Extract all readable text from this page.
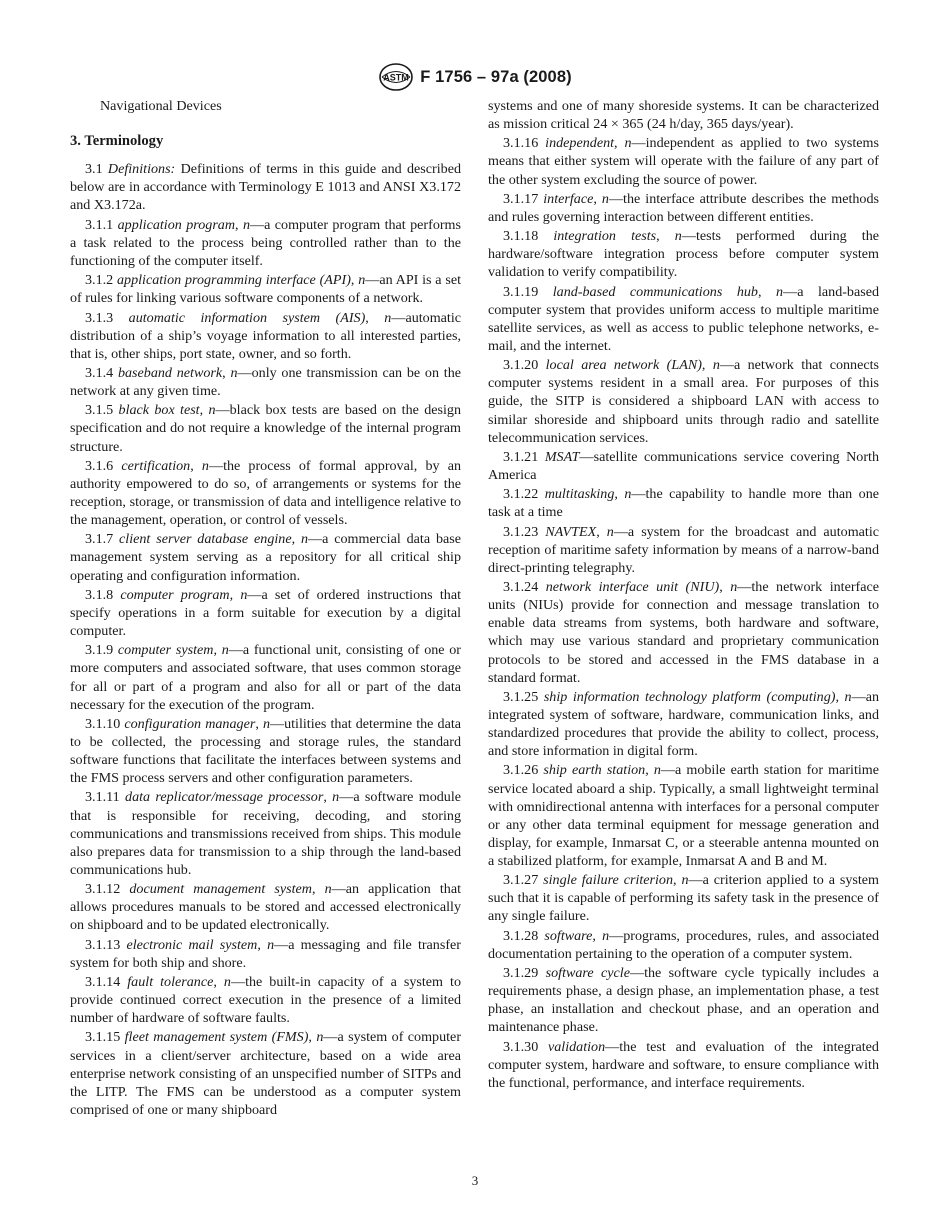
ASTM F 1756 – 97a (2008)

Navigational Devices

3. Terminology

3.1 Definitions: Definitions of terms in this guide and described below are in accordance with Terminology E 1013 and ANSI X3.172 and X3.172a.

3.1.1 application program, n—a computer program that performs a task related to the process being controlled rather than to the functioning of the computer itself.

3.1.2 application programming interface (API), n—an API is a set of rules for linking various software components of a network.

3.1.3 automatic information system (AIS), n—automatic distribution of a ship’s voyage information to all interested parties, that is, other ships, port state, owner, and so forth.

3.1.4 baseband network, n—only one transmission can be on the network at any given time.

3.1.5 black box test, n—black box tests are based on the design specification and do not require a knowledge of the internal program structure.

3.1.6 certification, n—the process of formal approval, by an authority empowered to do so, of arrangements or systems for the reception, storage, or transmission of data and intelligence relative to the management, operation, or control of vessels.

3.1.7 client server database engine, n—a commercial data base management system serving as a repository for all critical ship operating and configuration information.

3.1.8 computer program, n—a set of ordered instructions that specify operations in a form suitable for execution by a digital computer.

3.1.9 computer system, n—a functional unit, consisting of one or more computers and associated software, that uses common storage for all or part of a program and also for all or part of the data necessary for the execution of the program.

3.1.10 configuration manager, n—utilities that determine the data to be collected, the processing and storage rules, the standard software functions that facilitate the interfaces between systems and the FMS process servers and other configuration parameters.

3.1.11 data replicator/message processor, n—a software module that is responsible for receiving, decoding, and storing communications and transmissions received from ships. This module also prepares data for transmission to a ship through the land-based communications hub.

3.1.12 document management system, n—an application that allows procedures manuals to be stored and accessed electronically on shipboard and to be updated electronically.

3.1.13 electronic mail system, n—a messaging and file transfer system for both ship and shore.

3.1.14 fault tolerance, n—the built-in capacity of a system to provide continued correct execution in the presence of a limited number of hardware of software faults.

3.1.15 fleet management system (FMS), n—a system of computer services in a client/server architecture, based on a wide area enterprise network consisting of an unspecified number of SITPs and the LITP. The FMS can be understood as a computer system comprised of one or many shipboard

systems and one of many shoreside systems. It can be characterized as mission critical 24 × 365 (24 h/day, 365 days/year).

3.1.16 independent, n—independent as applied to two systems means that either system will operate with the failure of any part of the other system excluding the source of power.

3.1.17 interface, n—the interface attribute describes the methods and rules governing interaction between different entities.

3.1.18 integration tests, n—tests performed during the hardware/software integration process before computer system validation to verify compatibility.

3.1.19 land-based communications hub, n—a land-based computer system that provides uniform access to multiple maritime satellite services, as well as access to public telephone networks, e-mail, and the internet.

3.1.20 local area network (LAN), n—a network that connects computer systems resident in a small area. For purposes of this guide, the SITP is considered a shipboard LAN with access to similar shoreside and shipboard units through radio and satellite telecommunication services.

3.1.21 MSAT—satellite communications service covering North America

3.1.22 multitasking, n—the capability to handle more than one task at a time

3.1.23 NAVTEX, n—a system for the broadcast and automatic reception of maritime safety information by means of a narrow-band direct-printing telegraphy.

3.1.24 network interface unit (NIU), n—the network interface units (NIUs) provide for connection and message translation to enable data streams from systems, both hardware and software, which may use various standard and proprietary communication protocols to be stored and accessed in the FMS database in a standard format.

3.1.25 ship information technology platform (computing), n—an integrated system of software, hardware, communication links, and standardized procedures that provide the ability to collect, process, and store information in digital form.

3.1.26 ship earth station, n—a mobile earth station for maritime service located aboard a ship. Typically, a small lightweight terminal with omnidirectional antenna with interfaces for a personal computer or any other data terminal equipment for message generation and display, for example, Inmarsat C, or a steerable antenna mounted on a stabilized platform, for example, Inmarsat A and B and M.

3.1.27 single failure criterion, n—a criterion applied to a system such that it is capable of performing its safety task in the presence of any single failure.

3.1.28 software, n—programs, procedures, rules, and associated documentation pertaining to the operation of a computer system.

3.1.29 software cycle—the software cycle typically includes a requirements phase, a design phase, an implementation phase, a test phase, an installation and checkout phase, and an operation and maintenance phase.

3.1.30 validation—the test and evaluation of the integrated computer system, hardware and software, to ensure compliance with the functional, performance, and interface requirements.

3
